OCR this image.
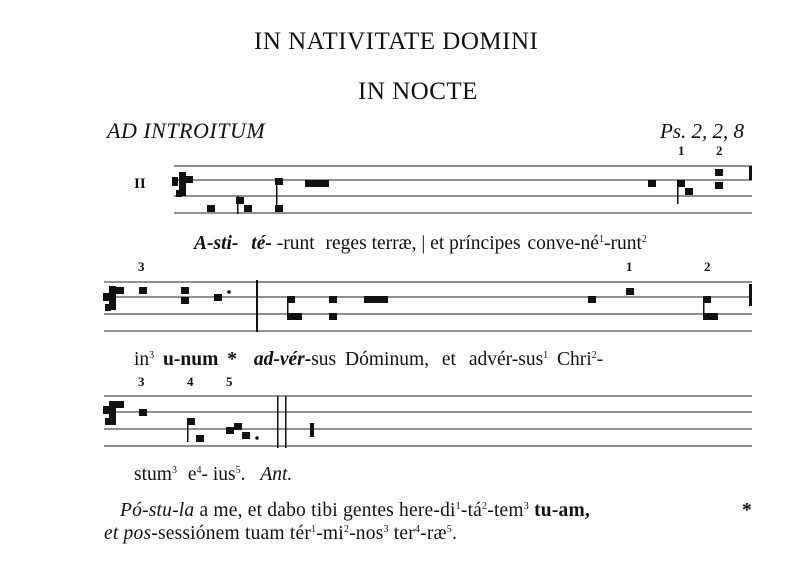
IN NATIVITATE DOMINI
IN NOCTE
AD INTROITUM	Ps. 2, 2, 8
II
1 2
3	1	2
3	4	5
A-sti- té- -runt reges terræ, | et príncipes conve-$né^1-runt^2$
$in^3$ u-num * ad-vér-sus Dóminum, et advér-sus$^1$ Chri$^2$-
stum$^3$ $e^4-$ ius$^5$. Ant.
Pó-stu-la a me, et dabo tibi gentes here-$di^1-tá^2-tem^3$ tu-am,	*
et pos-sessiónem tuam $tér^1-mi^2-nos^3$ $ter^4-ræ^5$.
